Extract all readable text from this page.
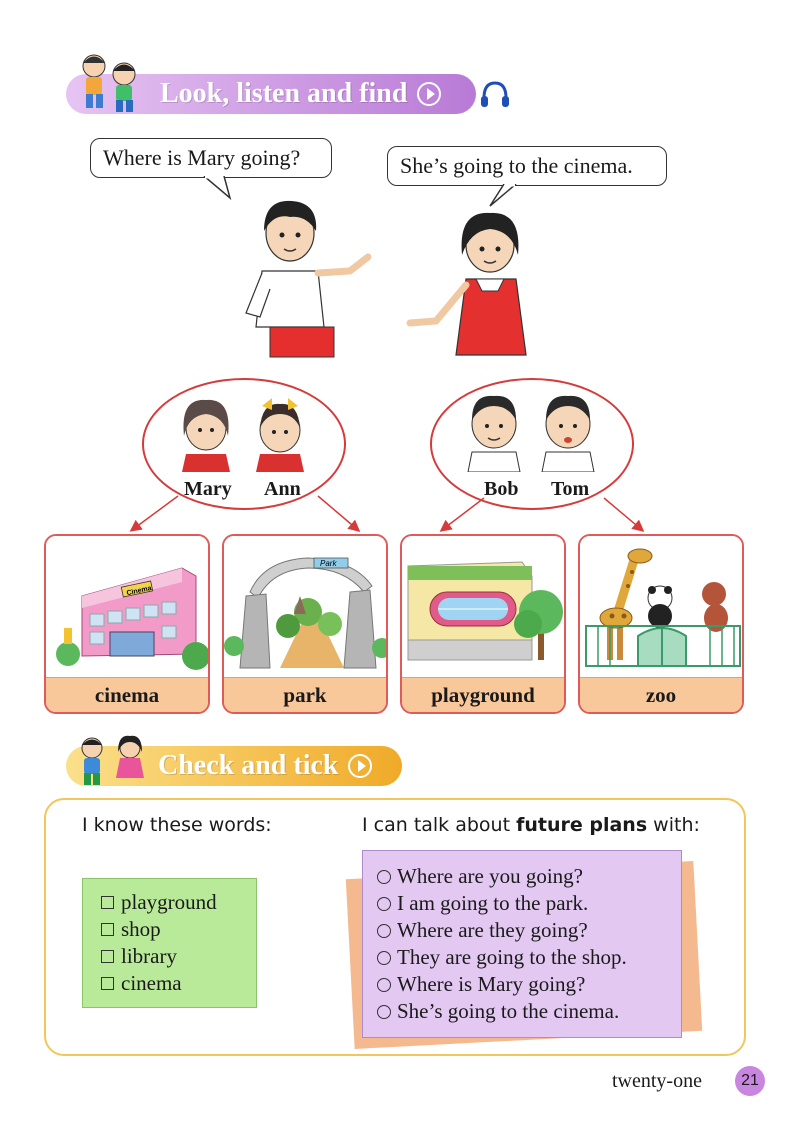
Look, listen and find
Where is Mary going?	She’s going to the cinema.
Mary Ann	Bob Tom
Cinema
cinema
Park
park	playground	zoo
Check and tick
I know these words:	I can talk about future plans with:
playground
shop
library
cinema
Where are you going?
I am going to the park.
Where are they going?
They are going to the shop.
Where is Mary going?
She’s going to the cinema.
twenty-one	21
